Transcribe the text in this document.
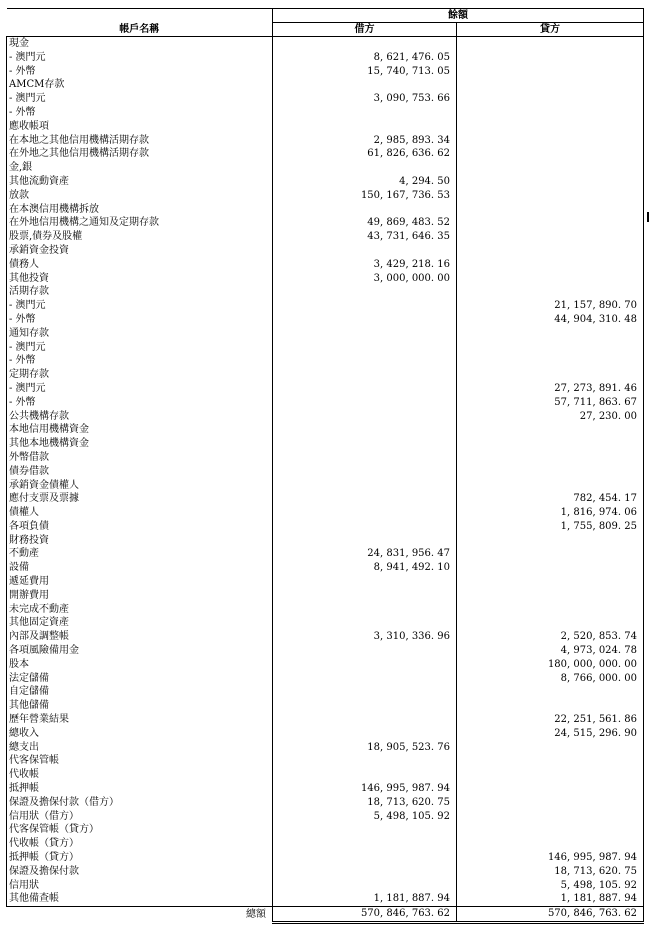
帳戶名稱	餘額	
	借方	貸方
現金		
- 澳門元	8, 621, 476. 05	
- 外幣	15, 740, 713. 05	
AMCM存款		
- 澳門元	3, 090, 753. 66	
- 外幣		
應收帳項		
在本地之其他信用機構活期存款	2, 985, 893. 34	
在外地之其他信用機構活期存款	61, 826, 636. 62	
金,銀		
其他流動資產	4, 294. 50	
放款	150, 167, 736. 53	
在本澳信用機構拆放		
在外地信用機構之通知及定期存款	49, 869, 483. 52	
股票,債券及股權	43, 731, 646. 35	
承銷資金投資		
債務人	3, 429, 218. 16	
其他投資	3, 000, 000. 00	
活期存款		
- 澳門元		21, 157, 890. 70
- 外幣		44, 904, 310. 48
通知存款		
- 澳門元		
- 外幣		
定期存款		
- 澳門元		27, 273, 891. 46
- 外幣		57, 711, 863. 67
公共機構存款		27, 230. 00
本地信用機構資金		
其他本地機構資金		
外幣借款		
債券借款		
承銷資金債權人		
應付支票及票據		782, 454. 17
債權人		1, 816, 974. 06
各項負債		1, 755, 809. 25
財務投資		
不動產	24, 831, 956. 47	
設備	8, 941, 492. 10	
遞延費用		
開辦費用		
未完成不動產		
其他固定資產		
內部及調整帳	3, 310, 336. 96	2, 520, 853. 74
各項風險備用金		4, 973, 024. 78
股本		180, 000, 000. 00
法定儲備		8, 766, 000. 00
自定儲備		
其他儲備		
歷年營業結果		22, 251, 561. 86
總收入		24, 515, 296. 90
總支出	18, 905, 523. 76	
代客保管帳		
代收帳		
抵押帳	146, 995, 987. 94	
保證及擔保付款（借方）	18, 713, 620. 75	
信用狀（借方）	5, 498, 105. 92	
代客保管帳（貸方）		
代收帳（貸方）		
抵押帳（貸方）		146, 995, 987. 94
保證及擔保付款		18, 713, 620. 75
信用狀		5, 498, 105. 92
其他備查帳	1, 181, 887. 94	1, 181, 887. 94
總額	570, 846, 763. 62	570, 846, 763. 62
